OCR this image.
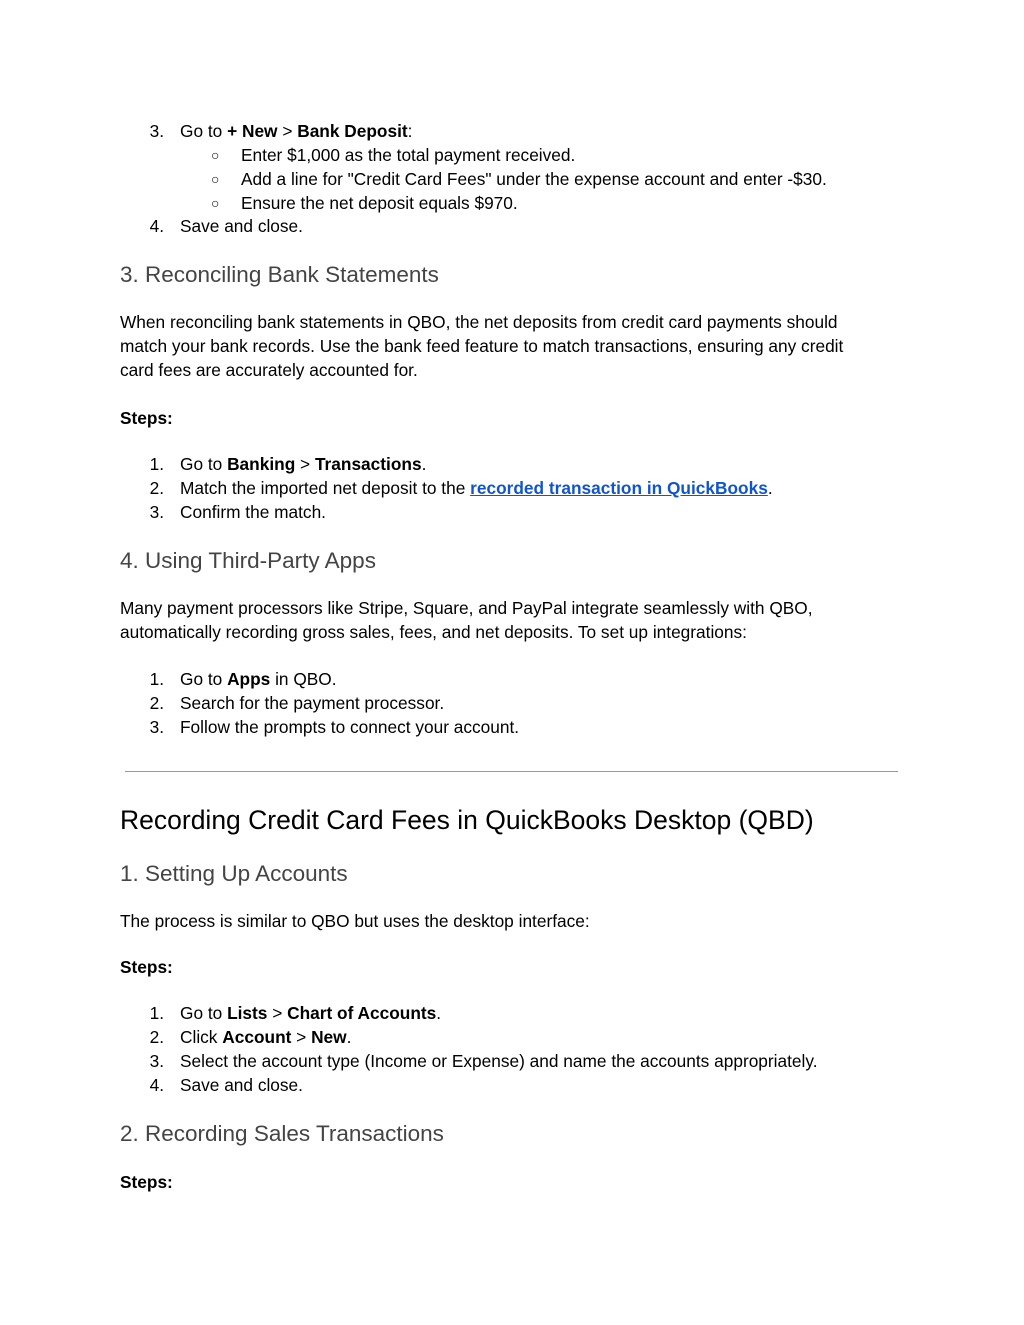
3. Go to + New > Bank Deposit:
○ Enter $1,000 as the total payment received.
○ Add a line for "Credit Card Fees" under the expense account and enter -$30.
○ Ensure the net deposit equals $970.
4. Save and close.
3. Reconciling Bank Statements
When reconciling bank statements in QBO, the net deposits from credit card payments should
match your bank records. Use the bank feed feature to match transactions, ensuring any credit
card fees are accurately accounted for.
Steps:
1. Go to Banking > Transactions.
2. Match the imported net deposit to the recorded transaction in QuickBooks.
3. Confirm the match.
4. Using Third-Party Apps
Many payment processors like Stripe, Square, and PayPal integrate seamlessly with QBO,
automatically recording gross sales, fees, and net deposits. To set up integrations:
1. Go to Apps in QBO.
2. Search for the payment processor.
3. Follow the prompts to connect your account.
Recording Credit Card Fees in QuickBooks Desktop (QBD)
1. Setting Up Accounts
The process is similar to QBO but uses the desktop interface:
Steps:
1. Go to Lists > Chart of Accounts.
2. Click Account > New.
3. Select the account type (Income or Expense) and name the accounts appropriately.
4. Save and close.
2. Recording Sales Transactions
Steps:
